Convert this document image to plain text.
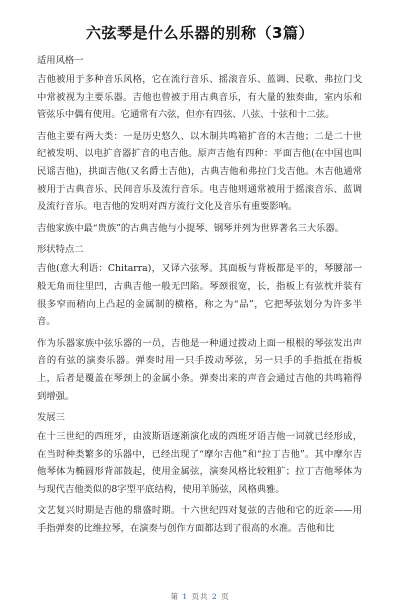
六弦琴是什么乐器的别称（3篇）
适用风格一

吉他被用于多种音乐风格，它在流行音乐、摇滚音乐、蓝调、民歌、弗拉门戈中常被视为主要乐器。吉他也曾被于用古典音乐，有大量的独奏曲，室内乐和管弦乐中偶有使用。它通常有六弦，但亦有四弦、八弦、十弦和十二弦。

吉他主要有两大类：一是历史悠久、以木制共鸣箱扩音的木吉他；二是二十世纪被发明、以电扩音器扩音的电吉他。原声吉他有四种：平面吉他(在中国也叫民谣吉他)，拱面吉他(又名爵士吉他)，古典吉他和弗拉门戈吉他。木吉他通常被用于古典音乐、民间音乐及流行音乐。电吉他则通常被用于摇滚音乐、蓝调及流行音乐。电吉他的发明对西方流行文化及音乐有重要影响。

吉他家族中最“贵族”的古典吉他与小提琴、钢琴并列为世界著名三大乐器。

形状特点二

吉他(意大利语：Chitarra)，又译六弦琴。其面板与背板都是平的，琴腰部一般无角而往里凹，古典吉他一般无凹陷。琴颈很宽，长，指板上有弦枕并装有很多窄而稍向上凸起的金属制的横格，称之为“品”，它把琴弦划分为许多半音。

作为乐器家族中弦乐器的一员，吉他是一种通过拨动上面一根根的琴弦发出声音的有弦的演奏乐器。弹奏时用一只手拨动琴弦，另一只手的手指抵在指板上，后者是覆盖在琴颈上的金属小条。弹奏出来的声音会通过吉他的共鸣箱得到增强。

发展三

在十三世纪的西班牙，由波斯语逐渐演化成的西班牙语吉他一词就已经形成，在当时种类繁多的乐器中，已经出现了“摩尔吉他”和“拉丁吉他”。其中摩尔吉他琴体为椭圆形背部鼓起，使用金属弦，演奏风格比较粗犷；拉丁吉他琴体为与现代吉他类似的8字型平底结构，使用羊肠弦，风格典雅。

文艺复兴时期是吉他的鼎盛时期。十六世纪四对复弦的吉他和它的近亲——用手指弹奏的比维拉琴，在演奏与创作方面都达到了很高的水准。吉他和比

第 1 页共 2 页
